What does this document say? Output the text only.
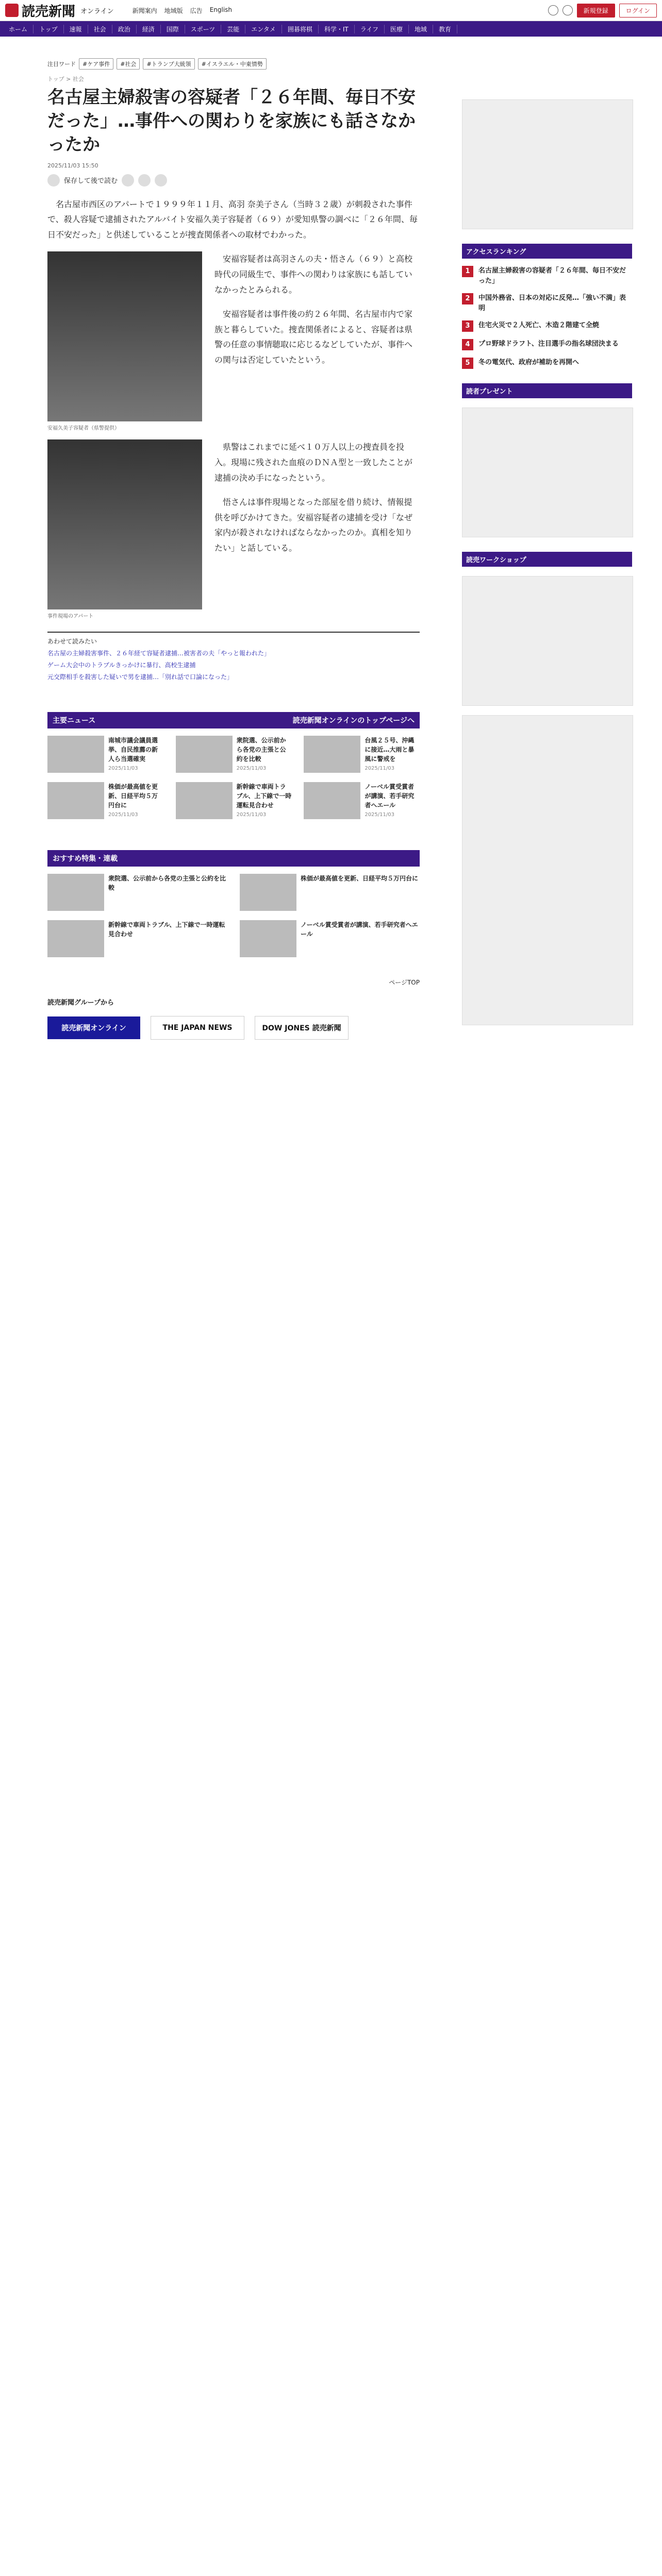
読売新聞 オンライン	新聞案内 地域版 広告 English	新規登録	ログイン
ホーム	トップ	速報	社会	政治	経済	国際	スポーツ	芸能	エンタメ	囲碁将棋	科学・IT	ライフ	医療	地域	教育
注目ワード	#ケア事件	#社会	#トランプ大統領	#イスラエル・中東情勢
トップ > 社会
名古屋主婦殺害の容疑者「２６年間、毎日不安だった」…事件への関わりを家族にも話さなかったか
2025/11/03 15:50
保存して後で読む

名古屋市西区のアパートで１９９９年１１月、高羽 奈美子さん（当時３２歳）が刺殺された事件で、殺人容疑で逮捕されたアルバイト安福久美子容疑者（６９）が愛知県警の調べに「２６年間、毎日不安だった」と供述していることが捜査関係者への取材でわかった。

安福久美子容疑者（県警提供）

安福容疑者は高羽さんの夫・悟さん（６９）と高校時代の同級生で、事件への関わりは家族にも話していなかったとみられる。

安福容疑者は事件後の約２６年間、名古屋市内で家族と暮らしていた。捜査関係者によると、容疑者は県警の任意の事情聴取に応じるなどしていたが、事件への関与は否定していたという。

事件現場のアパート

県警はこれまでに延べ１０万人以上の捜査員を投入。現場に残された血痕のＤＮＡ型と一致したことが逮捕の決め手になったという。

悟さんは事件現場となった部屋を借り続け、情報提供を呼びかけてきた。安福容疑者の逮捕を受け「なぜ家内が殺されなければならなかったのか。真相を知りたい」と話している。

あわせて読みたい
名古屋の主婦殺害事件、２６年経て容疑者逮捕…被害者の夫「やっと報われた」
ゲーム大会中のトラブルきっかけに暴行、高校生逮捕
元交際相手を殺害した疑いで男を逮捕…「別れ話で口論になった」
主要ニュース	読売新聞オンラインのトップページへ
南城市議会議員選挙、自民推薦の新人ら当選確実
2025/11/03
衆院選、公示前から各党の主張と公約を比較
2025/11/03
台風２５号、沖縄に接近…大雨と暴風に警戒を
2025/11/03
株価が最高値を更新、日経平均５万円台に
2025/11/03
新幹線で車両トラブル、上下線で一時運転見合わせ
2025/11/03
ノーベル賞受賞者が講演、若手研究者へエール
2025/11/03
おすすめ特集・連載
衆院選、公示前から各党の主張と公約を比較
株価が最高値を更新、日経平均５万円台に
新幹線で車両トラブル、上下線で一時運転見合わせ
ノーベル賞受賞者が講演、若手研究者へエール
ページTOP
読売新聞グループから
読売新聞オンライン	THE JAPAN NEWS	DOW JONES 読売新聞
アクセスランキング
1	名古屋主婦殺害の容疑者「２６年間、毎日不安だった」
2	中国外務省、日本の対応に反発…「強い不満」表明
3	住宅火災で２人死亡、木造２階建て全焼
4	プロ野球ドラフト、注目選手の指名球団決まる
5	冬の電気代、政府が補助を再開へ
読者プレゼント
読売ワークショップ
